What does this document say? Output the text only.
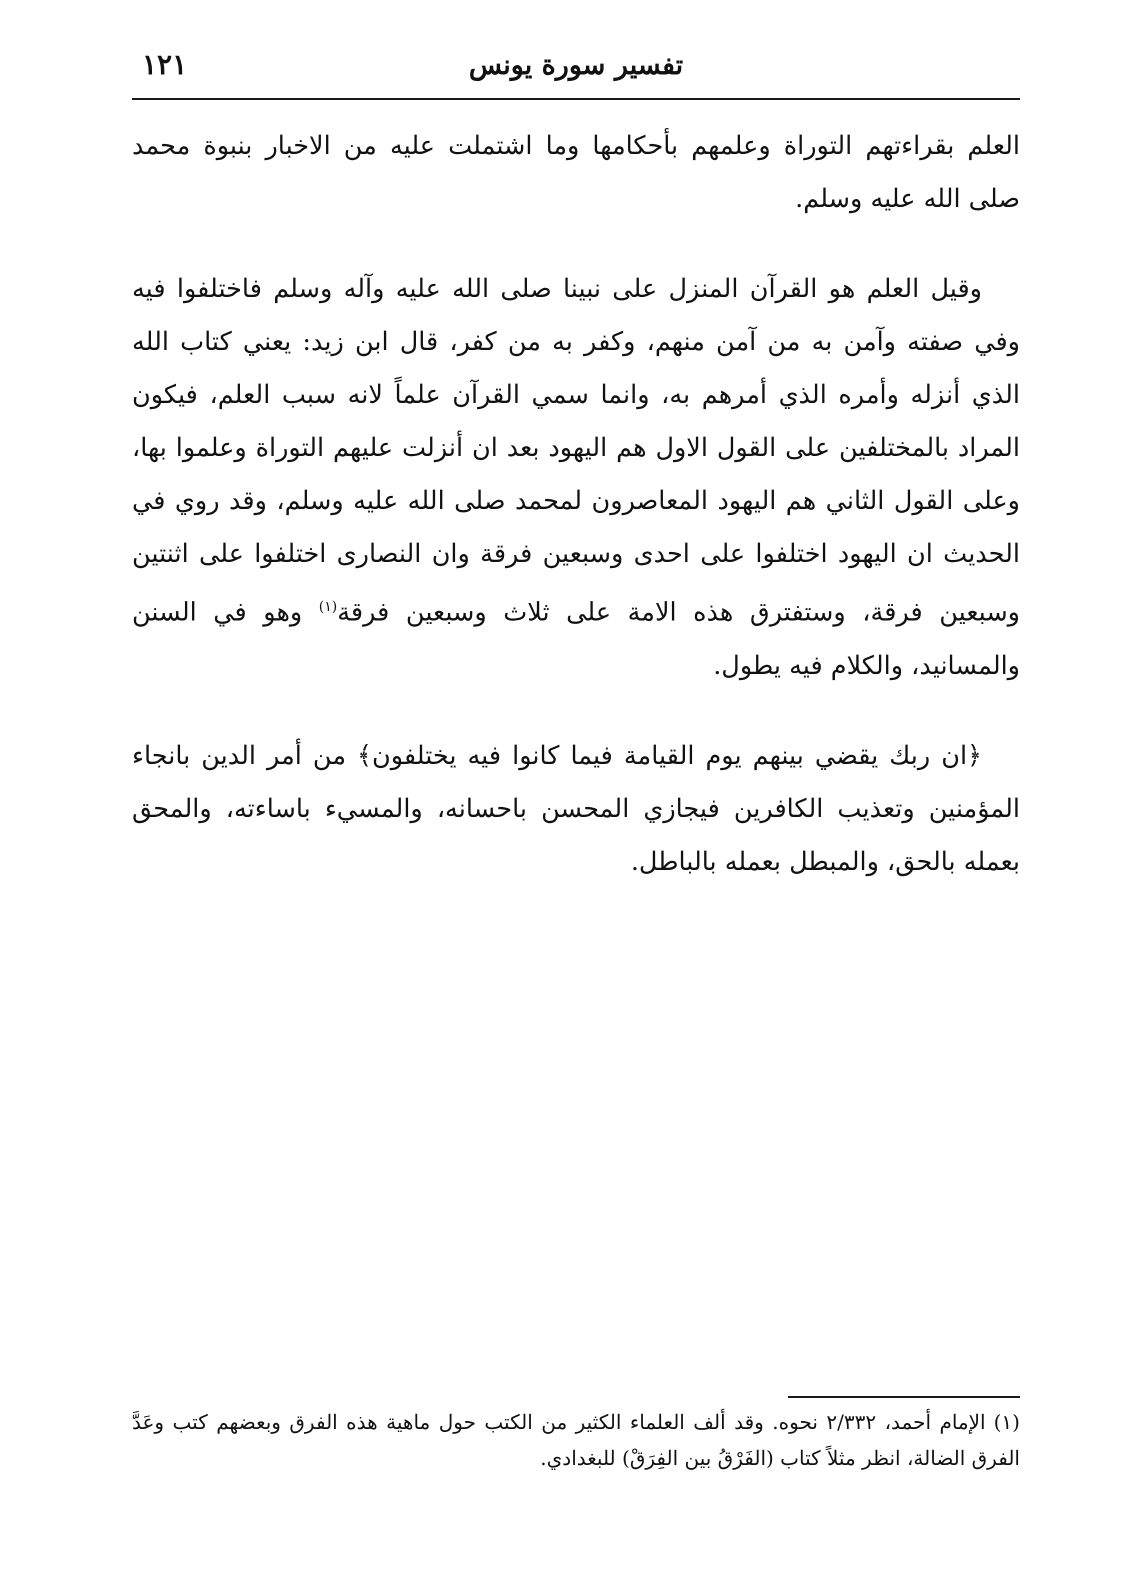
تفسير سورة يونس
١٢١

العلم بقراءتهم التوراة وعلمهم بأحكامها وما اشتملت عليه من الاخبار بنبوة محمد صلى الله عليه وسلم.

وقيل العلم هو القرآن المنزل على نبينا صلى الله عليه وآله وسلم فاختلفوا فيه وفي صفته وآمن به من آمن منهم، وكفر به من كفر، قال ابن زيد: يعني كتاب الله الذي أنزله وأمره الذي أمرهم به، وانما سمي القرآن علماً لانه سبب العلم، فيكون المراد بالمختلفين على القول الاول هم اليهود بعد ان أنزلت عليهم التوراة وعلموا بها، وعلى القول الثاني هم اليهود المعاصرون لمحمد صلى الله عليه وسلم، وقد روي في الحديث ان اليهود اختلفوا على احدى وسبعين فرقة وان النصارى اختلفوا على اثنتين وسبعين فرقة، وستفترق هذه الامة على ثلاث وسبعين فرقة$^{(١)}$ وهو في السنن والمسانيد، والكلام فيه يطول.

﴿ان ربك يقضي بينهم يوم القيامة فيما كانوا فيه يختلفون﴾ من أمر الدين بانجاء المؤمنين وتعذيب الكافرين فيجازي المحسن باحسانه، والمسيء باساءته، والمحق بعمله بالحق، والمبطل بعمله بالباطل.

(١)الإمام أحمد، ٢/٣٣٢ نحوه. وقد ألف العلماء الكثير من الكتب حول ماهية هذه الفرق وبعضهم كتب وعَدَّ الفرق الضالة، انظر مثلاً كتاب (الفَرْقُ بين الفِرَقْ) للبغدادي.
